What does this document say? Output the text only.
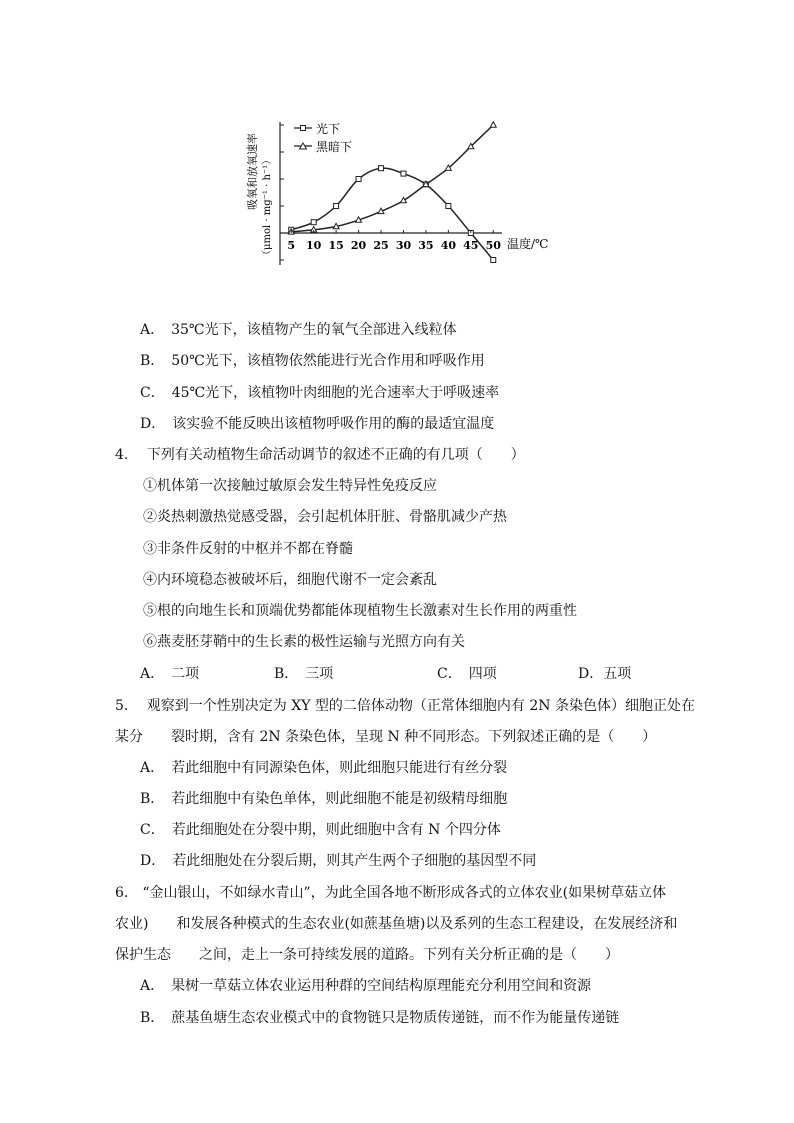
5 10 15 20 25 30 35 40 45 50
光下
黑暗下
吸氧和放氧速率 （μmol · mg⁻¹ · h⁻¹）	温度/℃
A．　35℃光下，该植物产生的氧气全部进入线粒体
B．　50℃光下，该植物依然能进行光合作用和呼吸作用
C．　45℃光下，该植物叶肉细胞的光合速率大于呼吸速率
D．　该实验不能反映出该植物呼吸作用的酶的最适宜温度
4.　 下列有关动植物生命活动调节的叙述不正确的有几项（　　）
①机体第一次接触过敏原会发生特异性免疫反应
②炎热刺激热觉感受器，会引起机体肝脏、骨骼肌减少产热
③非条件反射的中枢并不都在脊髓
④内环境稳态被破坏后，细胞代谢不一定会紊乱
⑤根的向地生长和顶端优势都能体现植物生长激素对生长作用的两重性
⑥燕麦胚芽鞘中的生长素的极性运输与光照方向有关
A．　二项	B．　三项	C．　四项	D．五项
5.　 观察到一个性别决定为 XY 型的二倍体动物（正常体细胞内有 2N 条染色体）细胞正处在
某分　　裂时期，含有 2N 条染色体，呈现 N 种不同形态。下列叙述正确的是（　　）
A．　若此细胞中有同源染色体，则此细胞只能进行有丝分裂
B．　若此细胞中有染色单体，则此细胞不能是初级精母细胞
C．　若此细胞处在分裂中期，则此细胞中含有 N 个四分体
D．　若此细胞处在分裂后期，则其产生两个子细胞的基因型不同
6.　“金山银山，不如绿水青山”，为此全国各地不断形成各式的立体农业(如果树草菇立体
农业)　　和发展各种模式的生态农业(如蔗基鱼塘)以及系列的生态工程建设，在发展经济和
保护生态　　之间，走上一条可持续发展的道路。下列有关分析正确的是（　　）
A．　果树一草菇立体农业运用种群的空间结构原理能充分利用空间和资源
B．　蔗基鱼塘生态农业模式中的食物链只是物质传递链，而不作为能量传递链
